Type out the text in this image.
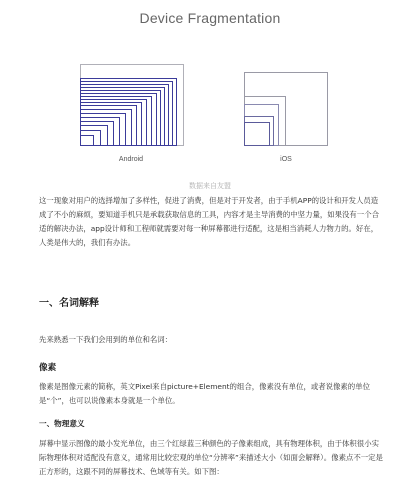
Device Fragmentation
Android	iOS
数据来自友盟
这一现象对用户的选择增加了多样性，促进了消费，但是对于开发者，由于手机APP的设计和开发人员造成了不小的麻烦，要知道手机只是承载获取信息的工具，内容才是主导消费的中坚力量，如果没有一个合适的解决办法，app设计师和工程师就需要对每一种屏幕都进行适配，这是相当消耗人力物力的。好在，人类是伟大的，我们有办法。
一、名词解释
先来熟悉一下我们会用到的单位和名词：
像素
像素是图像元素的简称，英文Pixel来自picture+Element的组合，像素没有单位，或者说像素的单位是“个”，也可以说像素本身就是一个单位。
一、物理意义
屏幕中显示图像的最小发光单位，由三个红绿蓝三种颜色的子像素组成，具有物理体积，由于体积很小实际物理体积对适配没有意义，通常用比较宏观的单位“分辨率”来描述大小（如面会解释）。像素点不一定是正方形的，这跟不同的屏幕技术、色域等有关。如下图：
